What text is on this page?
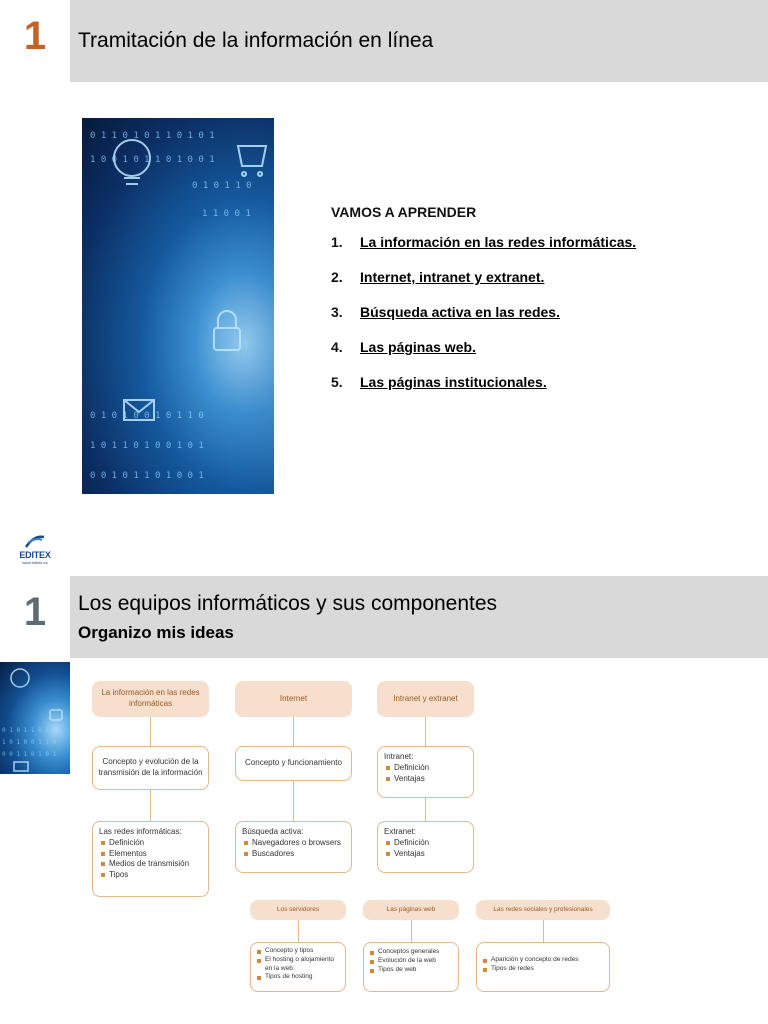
1	Tramitación de la información en línea
0 1 1 0 1 0 1 1 0 1 0 1
1 0 0 1 0 1 1 0 1 0 0 1
0 1 0 1 1 0
1 1 0 0 1
0 1 0 1 0 0 1 0 1 1 0
1 0 1 1 0 1 0 0 1 0 1
0 0 1 0 1 1 0 1 0 0 1
VAMOS A APRENDER
1.	La información en las redes informáticas.
2.	Internet, intranet y extranet.
3.	Búsqueda activa en las redes.
4.	Las páginas web.
5.	Las páginas institucionales.
EDITEX
www.editex.es
1	Los equipos informáticos y sus componentes
Organizo mis ideas
0 1 0 1 1 0 1 0
1 0 1 0 0 1 1 0
0 0 1 1 0 1 0 1
La información en las redes informáticas
Concepto y evolución de la transmisión de la información
Las redes informáticas:
Definición
Elementos
Medios de transmisión
Tipos
Internet
Concepto y funcionamiento
Búsqueda activa:
Navegadores o browsers
Buscadores
Intranet y extranet
Intranet:
Definición
Ventajas
Extranet:
Definición
Ventajas
Los servidores
Concepto y tipos
El hosting o alojamiento en la web
Tipos de hosting
Las páginas web
Conceptos generales
Evolución de la web
Tipos de web
Las redes sociales y profesionales
Aparición y concepto de redes
Tipos de redes
